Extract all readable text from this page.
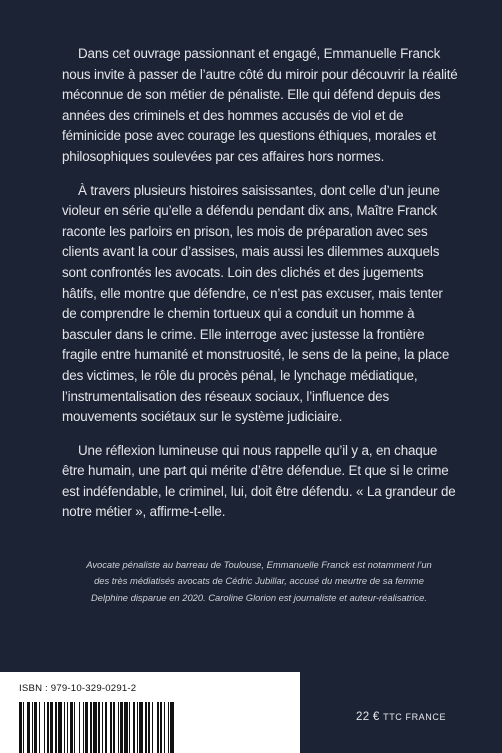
Dans cet ouvrage passionnant et engagé, Emmanuelle Franck nous invite à passer de l’autre côté du miroir pour découvrir la réalité méconnue de son métier de pénaliste. Elle qui défend depuis des années des criminels et des hommes accusés de viol et de féminicide pose avec courage les questions éthiques, morales et philosophiques soulevées par ces affaires hors normes.

À travers plusieurs histoires saisissantes, dont celle d’un jeune violeur en série qu’elle a défendu pendant dix ans, Maître Franck raconte les parloirs en prison, les mois de préparation avec ses clients avant la cour d’assises, mais aussi les dilemmes auxquels sont confrontés les avocats. Loin des clichés et des jugements hâtifs, elle montre que défendre, ce n’est pas excuser, mais tenter de comprendre le chemin tortueux qui a conduit un homme à basculer dans le crime. Elle interroge avec justesse la frontière fragile entre humanité et monstruosité, le sens de la peine, la place des victimes, le rôle du procès pénal, le lynchage médiatique, l’instrumentalisation des réseaux sociaux, l’influence des mouvements sociétaux sur le système judiciaire.

Une réflexion lumineuse qui nous rappelle qu’il y a, en chaque être humain, une part qui mérite d’être défendue. Et que si le crime est indéfendable, le criminel, lui, doit être défendu. « La grandeur de notre métier », affirme-t-elle.

Avocate pénaliste au barreau de Toulouse, Emmanuelle Franck est notamment l’un des très médiatisés avocats de Cédric Jubillar, accusé du meurtre de sa femme Delphine disparue en 2020. Caroline Glorion est journaliste et auteur-réalisatrice.
ISBN : 979-10-329-0291-2
22 € TTC FRANCE
